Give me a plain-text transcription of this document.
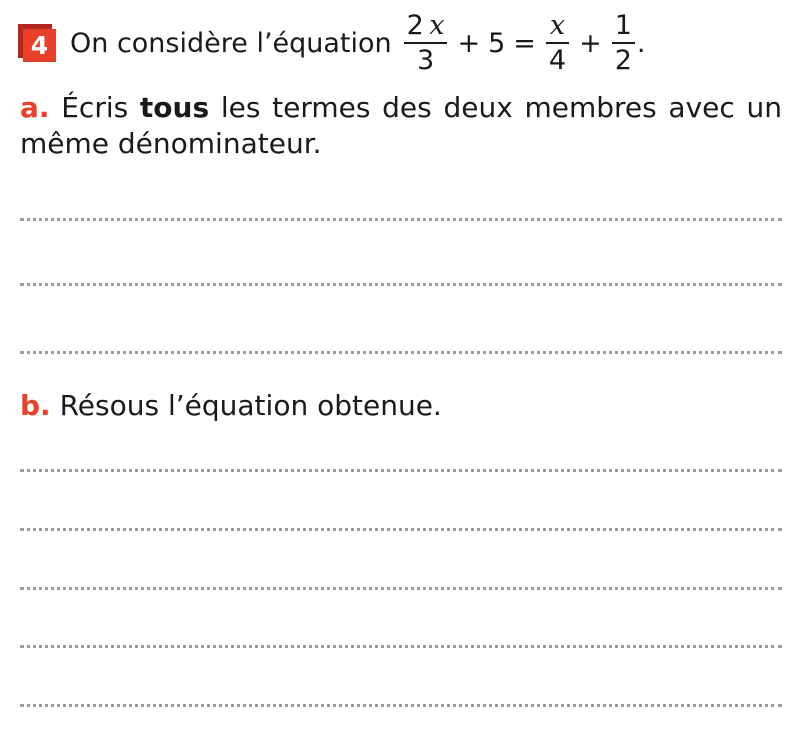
4 On considère l’équation $\frac{2 x}{3} + 5 = \frac{x}{4} + \frac{1}{2}$ .
a. Écris tous les termes des deux membres avec un même dénominateur.
b. Résous l’équation obtenue.
